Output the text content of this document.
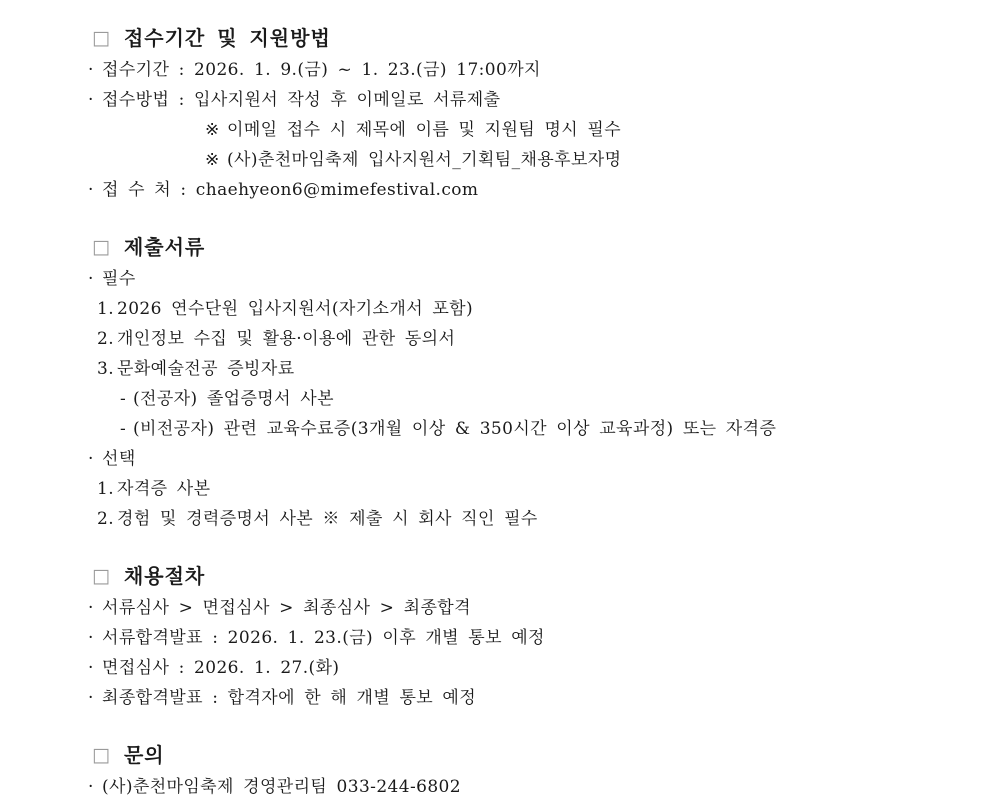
□ 접수기간 및 지원방법
· 접수기간 : 2026. 1. 9.(금) ~ 1. 23.(금) 17:00까지
· 접수방법 : 입사지원서 작성 후 이메일로 서류제출
※ 이메일 접수 시 제목에 이름 및 지원팀 명시 필수
※ (사)춘천마임축제 입사지원서_기획팀_채용후보자명
· 접 수 처 : chaehyeon6@mimefestival.com
□ 제출서류
· 필수
1. 2026 연수단원 입사지원서(자기소개서 포함)
2. 개인정보 수집 및 활용·이용에 관한 동의서
3. 문화예술전공 증빙자료
- (전공자) 졸업증명서 사본
- (비전공자) 관련 교육수료증(3개월 이상 & 350시간 이상 교육과정) 또는 자격증
· 선택
1. 자격증 사본
2. 경험 및 경력증명서 사본 ※ 제출 시 회사 직인 필수
□ 채용절차
· 서류심사 > 면접심사 > 최종심사 > 최종합격
· 서류합격발표 : 2026. 1. 23.(금) 이후 개별 통보 예정
· 면접심사 : 2026. 1. 27.(화)
· 최종합격발표 : 합격자에 한 해 개별 통보 예정
□ 문의
· (사)춘천마임축제 경영관리팀 033-244-6802
